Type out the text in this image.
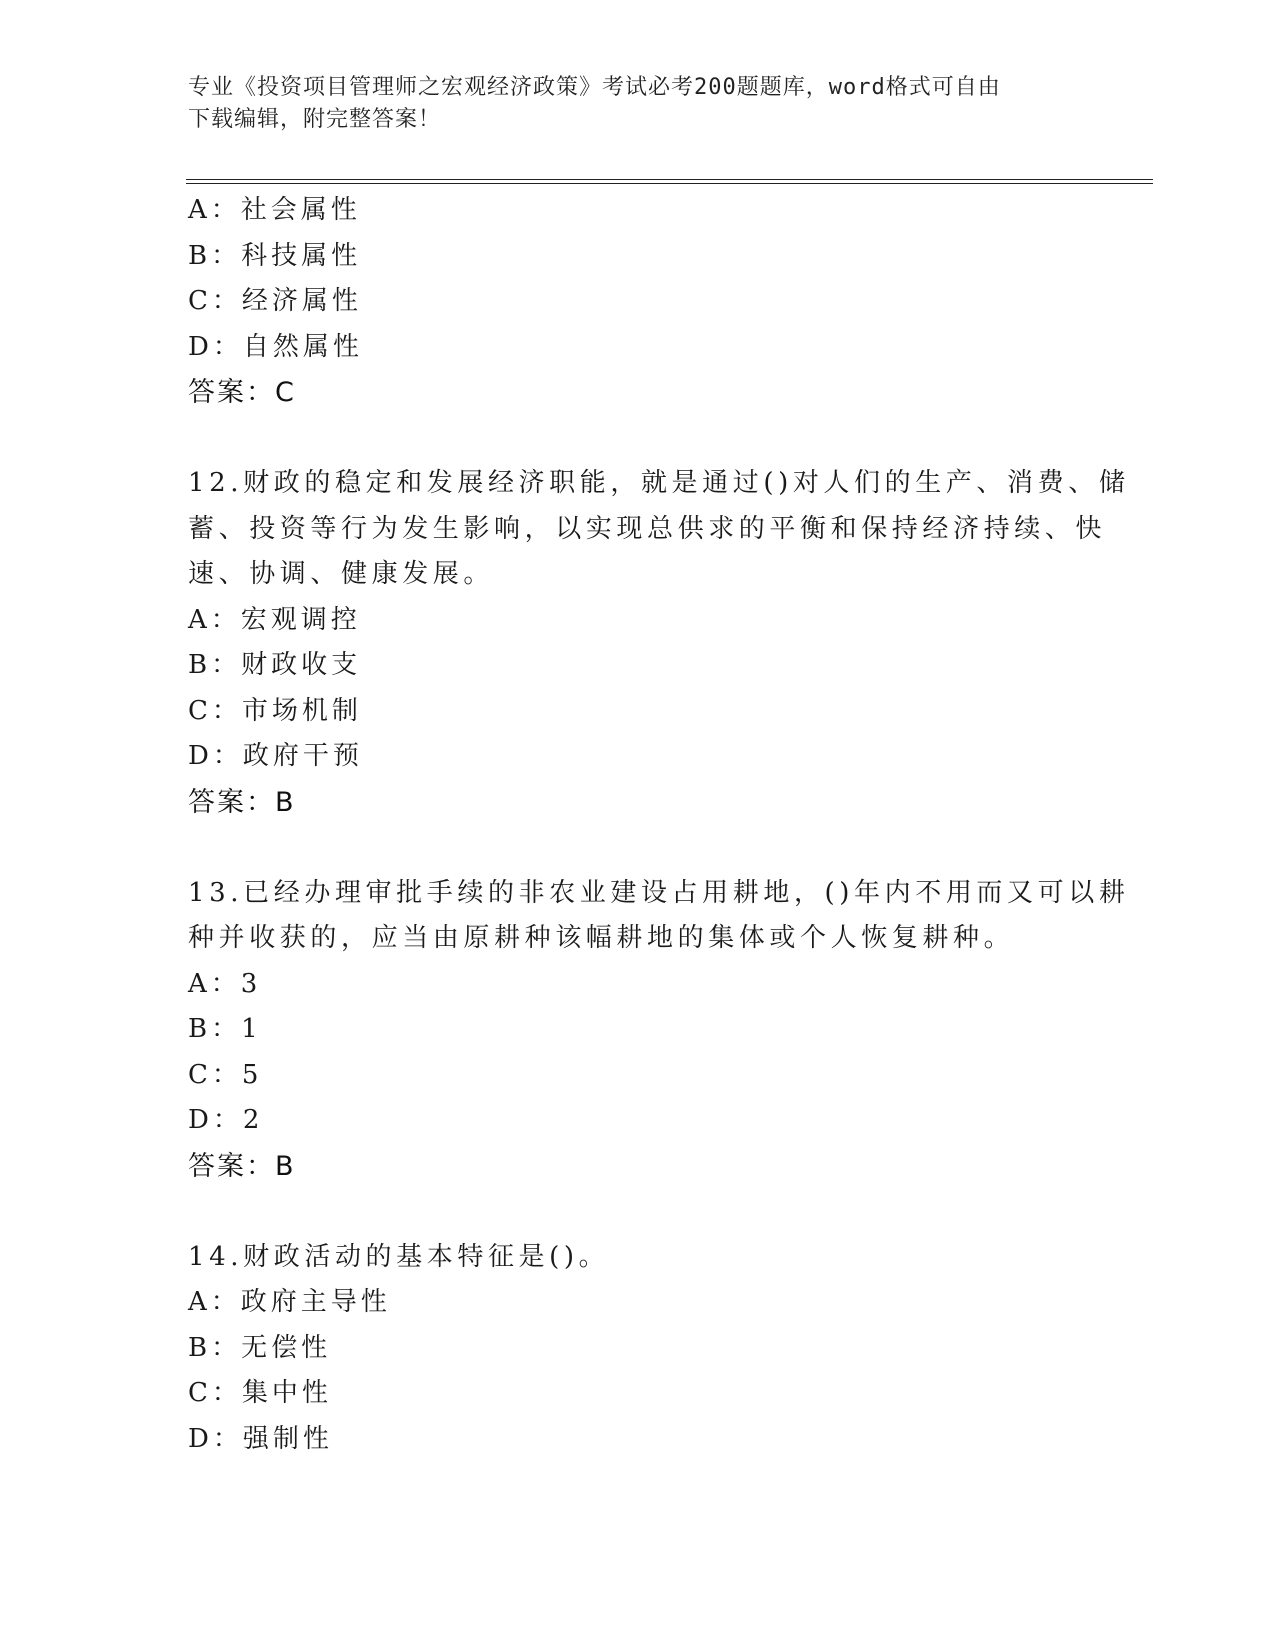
专业《投资项目管理师之宏观经济政策》考试必考200题题库，word格式可自由
下载编辑，附完整答案！
A：社会属性
B：科技属性
C：经济属性
D：自然属性
答案：C
12.财政的稳定和发展经济职能，就是通过()对人们的生产、消费、储
蓄、投资等行为发生影响，以实现总供求的平衡和保持经济持续、快
速、协调、健康发展。
A：宏观调控
B：财政收支
C：市场机制
D：政府干预
答案：B
13.已经办理审批手续的非农业建设占用耕地，()年内不用而又可以耕
种并收获的，应当由原耕种该幅耕地的集体或个人恢复耕种。
A：3
B：1
C：5
D：2
答案：B
14.财政活动的基本特征是()。
A：政府主导性
B：无偿性
C：集中性
D：强制性
